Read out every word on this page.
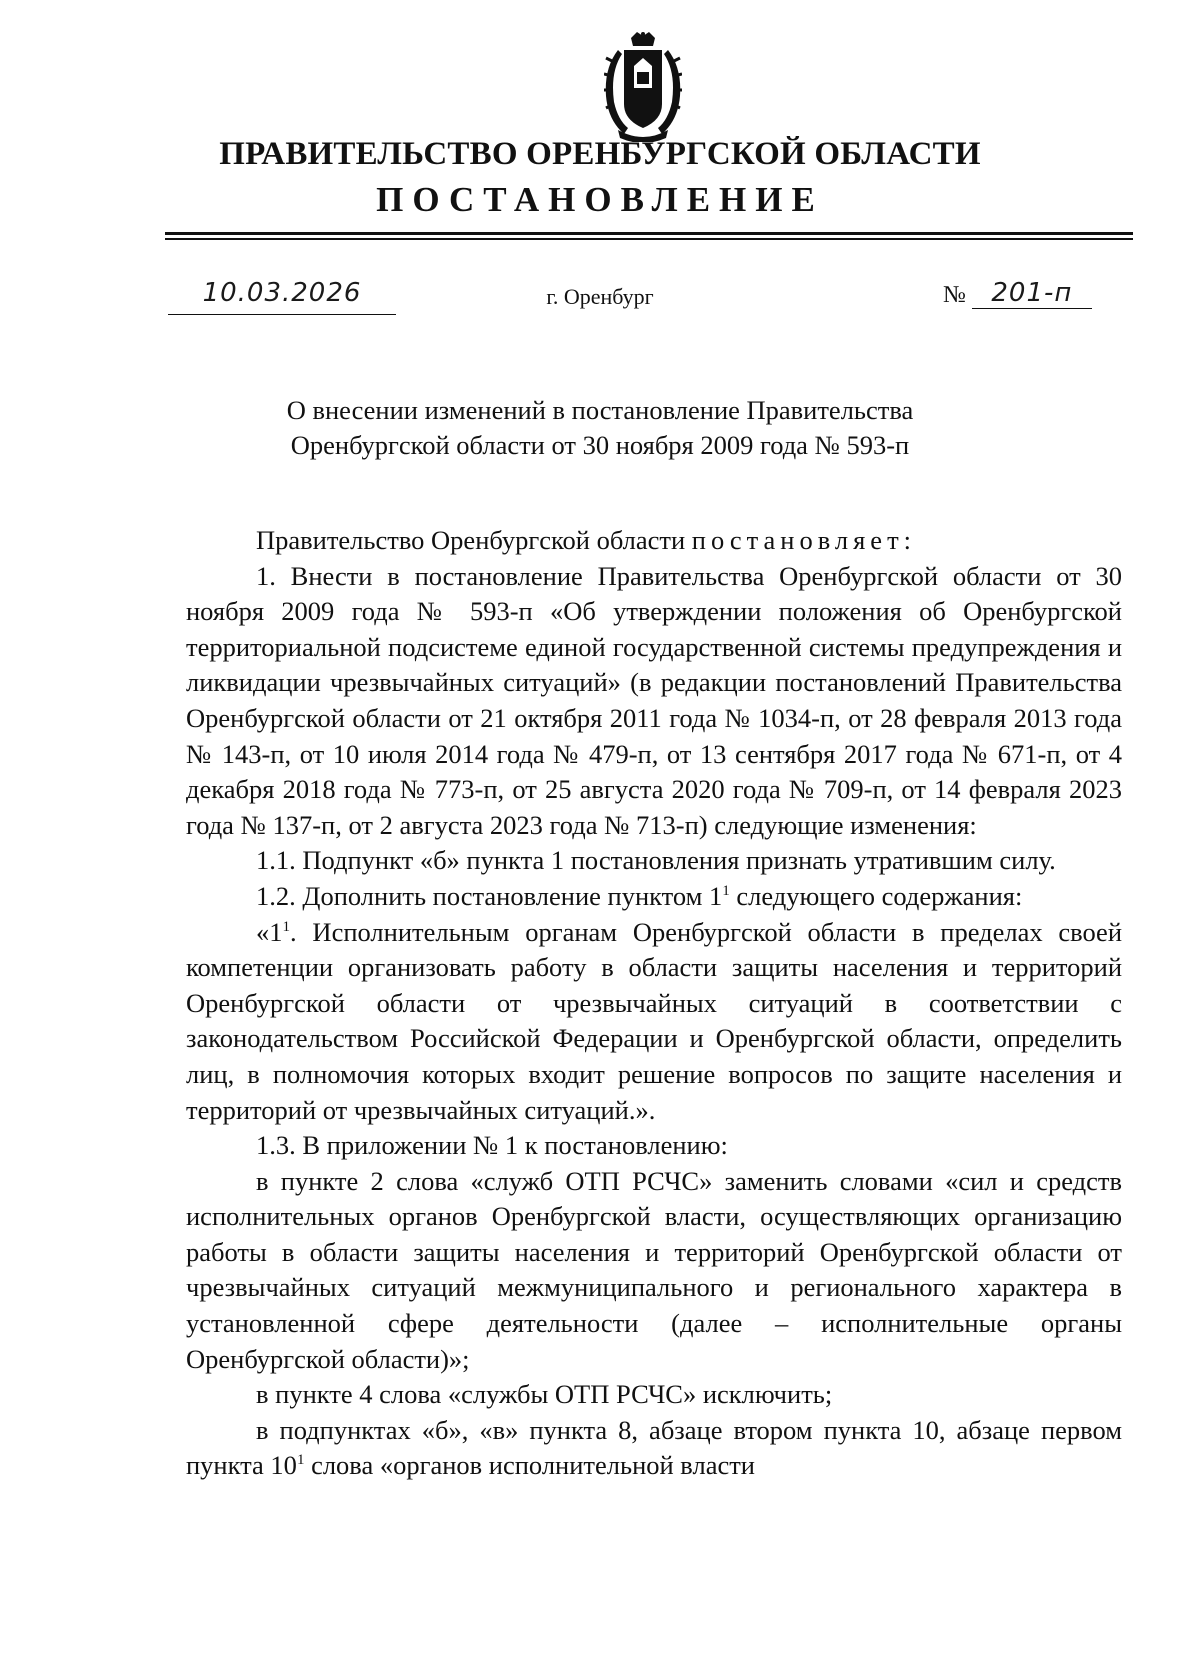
ПРАВИТЕЛЬСТВО ОРЕНБУРГСКОЙ ОБЛАСТИ
ПОСТАНОВЛЕНИЕ
10.03.2026	г. Оренбург	№ 201-п
О внесении изменений в постановление Правительства
Оренбургской области от 30 ноября 2009 года № 593-п

Правительство Оренбургской области постановляет:

1. Внести в постановление Правительства Оренбургской области от 30 ноября 2009 года № 593-п «Об утверждении положения об Оренбургской территориальной подсистеме единой государственной системы предупреждения и ликвидации чрезвычайных ситуаций» (в редакции постановлений Правительства Оренбургской области от 21 октября 2011 года № 1034-п, от 28 февраля 2013 года № 143-п, от 10 июля 2014 года № 479-п, от 13 сентября 2017 года № 671-п, от 4 декабря 2018 года № 773-п, от 25 августа 2020 года № 709-п, от 14 февраля 2023 года № 137-п, от 2 августа 2023 года № 713-п) следующие изменения:

1.1. Подпункт «б» пункта 1 постановления признать утратившим силу.

1.2. Дополнить постановление пунктом $1^1$ следующего содержания:

«$1^1$. Исполнительным органам Оренбургской области в пределах своей компетенции организовать работу в области защиты населения и территорий Оренбургской области от чрезвычайных ситуаций в соответствии с законодательством Российской Федерации и Оренбургской области, определить лиц, в полномочия которых входит решение вопросов по защите населения и территорий от чрезвычайных ситуаций.».

1.3. В приложении № 1 к постановлению:

в пункте 2 слова «служб ОТП РСЧС» заменить словами «сил и средств исполнительных органов Оренбургской власти, осуществляющих организацию работы в области защиты населения и территорий Оренбургской области от чрезвычайных ситуаций межмуниципального и регионального характера в установленной сфере деятельности (далее – исполнительные органы Оренбургской области)»;

в пункте 4 слова «службы ОТП РСЧС» исключить;

в подпунктах «б», «в» пункта 8, абзаце втором пункта 10, абзаце первом пункта $10^1$ слова «органов исполнительной власти
